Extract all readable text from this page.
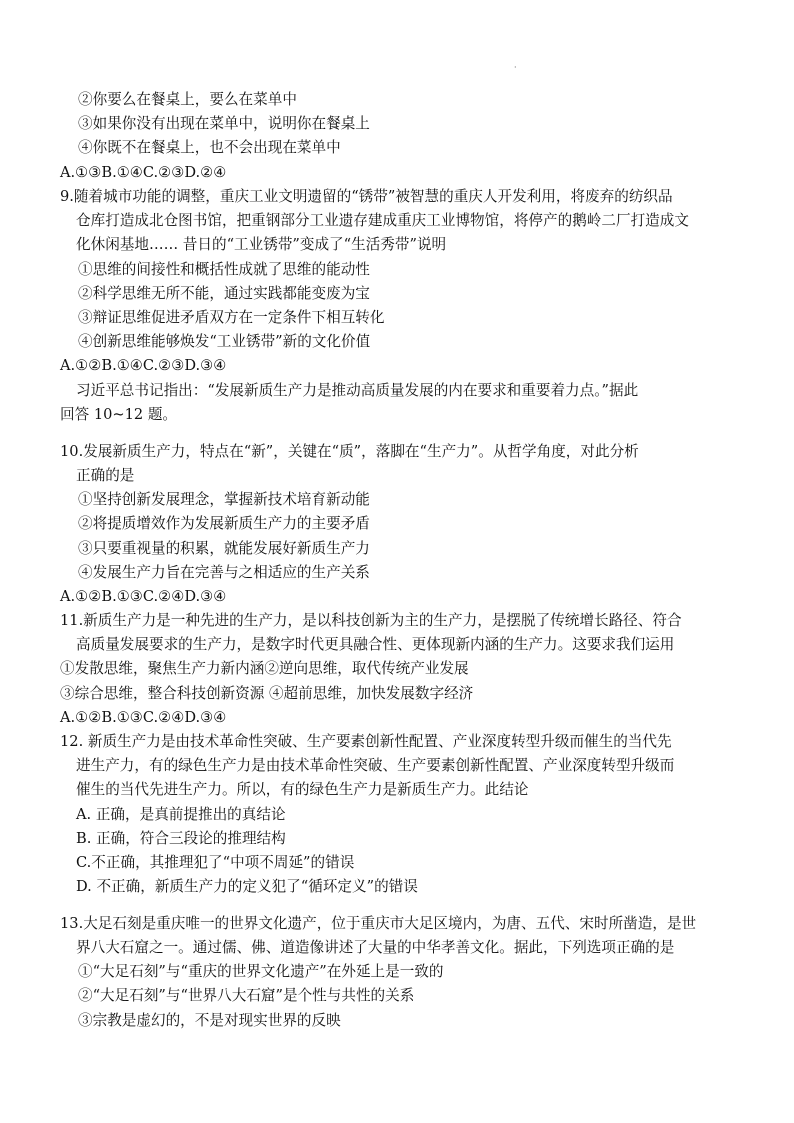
·
②你要么在餐桌上，要么在菜单中
③如果你没有出现在菜单中，说明你在餐桌上
④你既不在餐桌上，也不会出现在菜单中
A.①③B.①④C.②③D.②④
9.随着城市功能的调整，重庆工业文明遗留的“锈带”被智慧的重庆人开发利用，将废弃的纺织品
仓库打造成北仓图书馆，把重钢部分工业遗存建成重庆工业博物馆，将停产的鹅岭二厂打造成文
化休闲基地…… 昔日的“工业锈带”变成了“生活秀带”说明
①思维的间接性和概括性成就了思维的能动性
②科学思维无所不能，通过实践都能变废为宝
③辩证思维促进矛盾双方在一定条件下相互转化
④创新思维能够焕发“工业锈带”新的文化价值
A.①②B.①④C.②③D.③④
习近平总书记指出：“发展新质生产力是推动高质量发展的内在要求和重要着力点。”据此
回答 10~12 题。
10.发展新质生产力，特点在“新”，关键在“质”，落脚在“生产力”。从哲学角度，对此分析
正确的是
①坚持创新发展理念，掌握新技术培育新动能
②将提质增效作为发展新质生产力的主要矛盾
③只要重视量的积累，就能发展好新质生产力
④发展生产力旨在完善与之相适应的生产关系
A.①②B.①③C.②④D.③④
11.新质生产力是一种先进的生产力，是以科技创新为主的生产力，是摆脱了传统增长路径、符合
高质量发展要求的生产力，是数字时代更具融合性、更体现新内涵的生产力。这要求我们运用
①发散思维，聚焦生产力新内涵②逆向思维，取代传统产业发展
③综合思维，整合科技创新资源 ④超前思维，加快发展数字经济
A.①②B.①③C.②④D.③④
12. 新质生产力是由技术革命性突破、生产要素创新性配置、产业深度转型升级而催生的当代先
进生产力，有的绿色生产力是由技术革命性突破、生产要素创新性配置、产业深度转型升级而
催生的当代先进生产力。所以，有的绿色生产力是新质生产力。此结论
A. 正确，是真前提推出的真结论
B. 正确，符合三段论的推理结构
C.不正确，其推理犯了“中项不周延”的错误
D. 不正确，新质生产力的定义犯了“循环定义”的错误
13.大足石刻是重庆唯一的世界文化遗产，位于重庆市大足区境内，为唐、五代、宋时所凿造，是世
界八大石窟之一。通过儒、佛、道造像讲述了大量的中华孝善文化。据此，下列选项正确的是
①“大足石刻”与“重庆的世界文化遗产”在外延上是一致的
②“大足石刻”与“世界八大石窟”是个性与共性的关系
③宗教是虚幻的，不是对现实世界的反映
